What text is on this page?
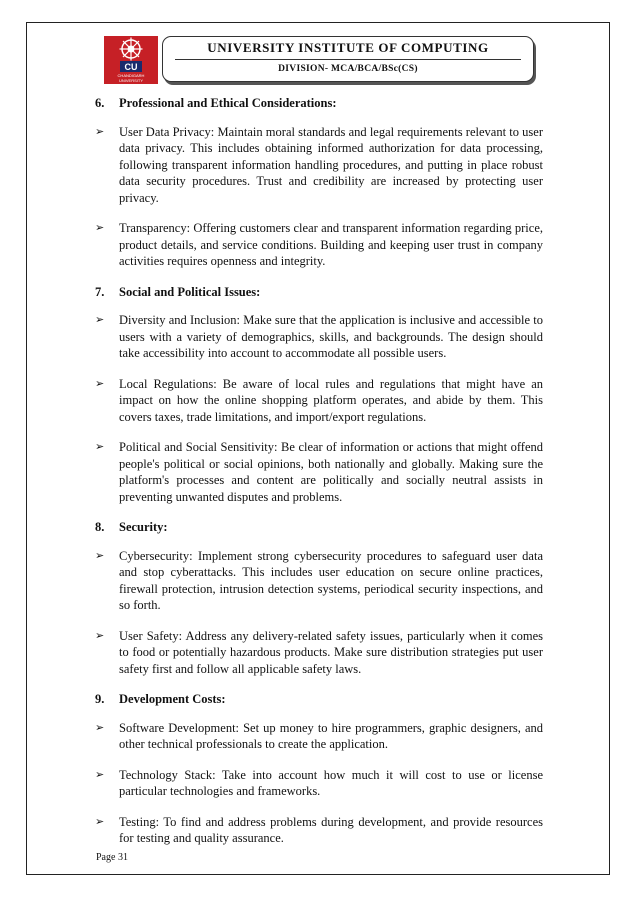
CU
CHANDIGARH
UNIVERSITY
UNIVERSITY INSTITUTE OF COMPUTING
DIVISION- MCA/BCA/BSc(CS)
6.	Professional and Ethical Considerations:
➢	User Data Privacy: Maintain moral standards and legal requirements relevant to user data privacy. This includes obtaining informed authorization for data processing, following transparent information handling procedures, and putting in place robust data security procedures. Trust and credibility are increased by protecting user privacy.
➢	Transparency: Offering customers clear and transparent information regarding price, product details, and service conditions. Building and keeping user trust in company activities requires openness and integrity.
7.	Social and Political Issues:
➢	Diversity and Inclusion: Make sure that the application is inclusive and accessible to users with a variety of demographics, skills, and backgrounds. The design should take accessibility into account to accommodate all possible users.
➢	Local Regulations: Be aware of local rules and regulations that might have an impact on how the online shopping platform operates, and abide by them. This covers taxes, trade limitations, and import/export regulations.
➢	Political and Social Sensitivity: Be clear of information or actions that might offend people's political or social opinions, both nationally and globally. Making sure the platform's processes and content are politically and socially neutral assists in preventing unwanted disputes and problems.
8.	Security:
➢	Cybersecurity: Implement strong cybersecurity procedures to safeguard user data and stop cyberattacks. This includes user education on secure online practices, firewall protection, intrusion detection systems, periodical security inspections, and so forth.
➢	User Safety: Address any delivery-related safety issues, particularly when it comes to food or potentially hazardous products. Make sure distribution strategies put user safety first and follow all applicable safety laws.
9.	Development Costs:
➢	Software Development: Set up money to hire programmers, graphic designers, and other technical professionals to create the application.
➢	Technology Stack: Take into account how much it will cost to use or license particular technologies and frameworks.
➢	Testing: To find and address problems during development, and provide resources for testing and quality assurance.
Page 31
